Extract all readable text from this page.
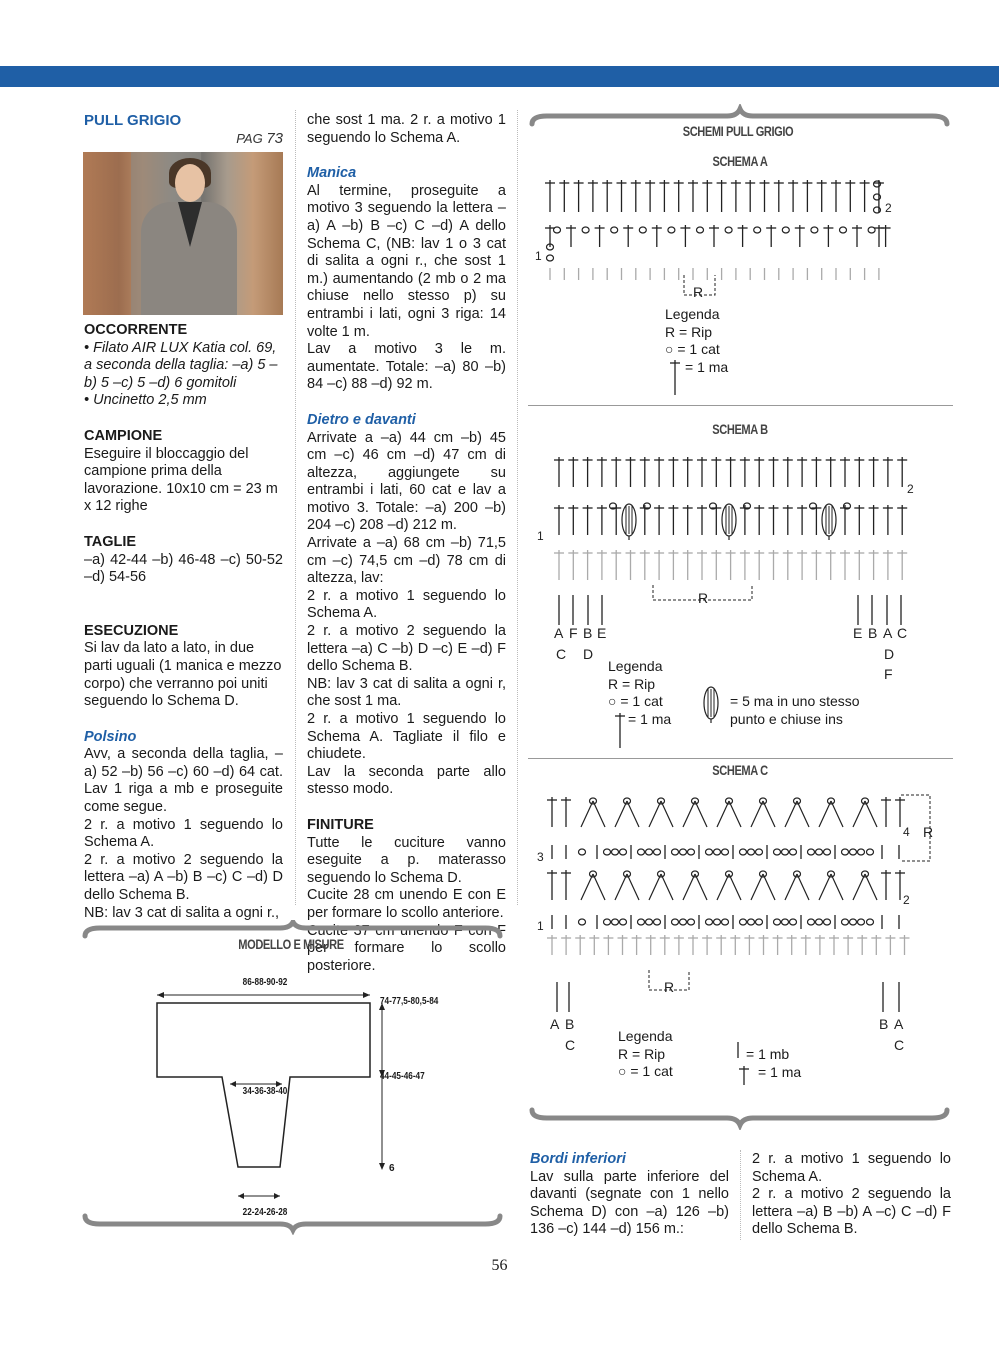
PULL GRIGIO

PAG 73

OCCORRENTE

• Filato AIR LUX Katia col. 69, a seconda della taglia: –a) 5 –b) 5 –c) 5 –d) 6 gomitoli

• Uncinetto 2,5 mm

CAMPIONE

Eseguire il bloccaggio del campione prima della lavorazione. 10x10 cm = 23 m x 12 righe

TAGLIE

–a) 42-44 –b) 46-48 –c) 50-52 –d) 54-56

ESECUZIONE

Si lav da lato a lato, in due parti uguali (1 manica e mezzo corpo) che verranno poi uniti seguendo lo Schema D.

Polsino

Avv, a seconda della taglia, –a) 52 –b) 56 –c) 60 –d) 64 cat. Lav 1 riga a mb e proseguite come segue.

2 r. a motivo 1 seguendo lo Schema A.

2 r. a motivo 2 seguendo la lettera –a) A –b) B –c) C –d) D dello Schema B.

NB: lav 3 cat di salita a ogni r.,

che sost 1 ma. 2 r. a motivo 1 seguendo lo Schema A.

Manica

Al termine, proseguite a motivo 3 seguendo la lettera –a) A –b) B –c) C –d) A dello Schema C, (NB: lav 1 o 3 cat di salita a ogni r., che sost 1 m.) aumentando (2 mb o 2 ma chiuse nello stesso p) su entrambi i lati, ogni 3 riga: 14 volte 1 m.

Lav a motivo 3 le m. aumentate. Totale: –a) 80 –b) 84 –c) 88 –d) 92 m.

Dietro e davanti

Arrivate a –a) 44 cm –b) 45 cm –c) 46 cm –d) 47 cm di altezza, aggiungete su entrambi i lati, 60 cat e lav a motivo 3. Totale: –a) 200 –b) 204 –c) 208 –d) 212 m.

Arrivate a –a) 68 cm –b) 71,5 cm –c) 74,5 cm –d) 78 cm di altezza, lav:

2 r. a motivo 1 seguendo lo Schema A.

2 r. a motivo 2 seguendo la lettera –a) C –b) D –c) E –d) F dello Schema B.

NB: lav 3 cat di salita a ogni r, che sost 1 ma.

2 r. a motivo 1 seguendo lo Schema A. Tagliate il filo e chiudete.

Lav la seconda parte allo stesso modo.

FINITURE

Tutte le cuciture vanno eseguite a p. materasso seguendo lo Schema D.

Cucite 28 cm unendo E con E per formare lo scollo anteriore.

Cucite 37 cm unendo F con F per formare lo scollo posteriore.

MODELLO E MISURE
86-88-90-92
74-77,5-80,5-84
44-45-46-47
6
34-36-38-40
22-24-26-28
SCHEMI PULL GRIGIO
SCHEMA A
2
1
R

Legenda

R = Rip

○ = 1 cat

= 1 ma

SCHEMA B
2
1
R
A F B E
C D
E B A C
D
F

Legenda

R = Rip

○ = 1 cat

= 1 ma

= 5 ma in uno stesso

punto e chiuse ins

SCHEMA C
3
4 R
2
1
R
A B
C
B A
C

Legenda

R = Rip

○ = 1 cat

= 1 mb

= 1 ma

Bordi inferiori

Lav sulla parte inferiore del davanti (segnate con 1 nello Schema D) con –a) 126 –b) 136 –c) 144 –d) 156 m.:

2 r. a motivo 1 seguendo lo Schema A.

2 r. a motivo 2 seguendo la lettera –a) B –b) A –c) C –d) F dello Schema B.

56
